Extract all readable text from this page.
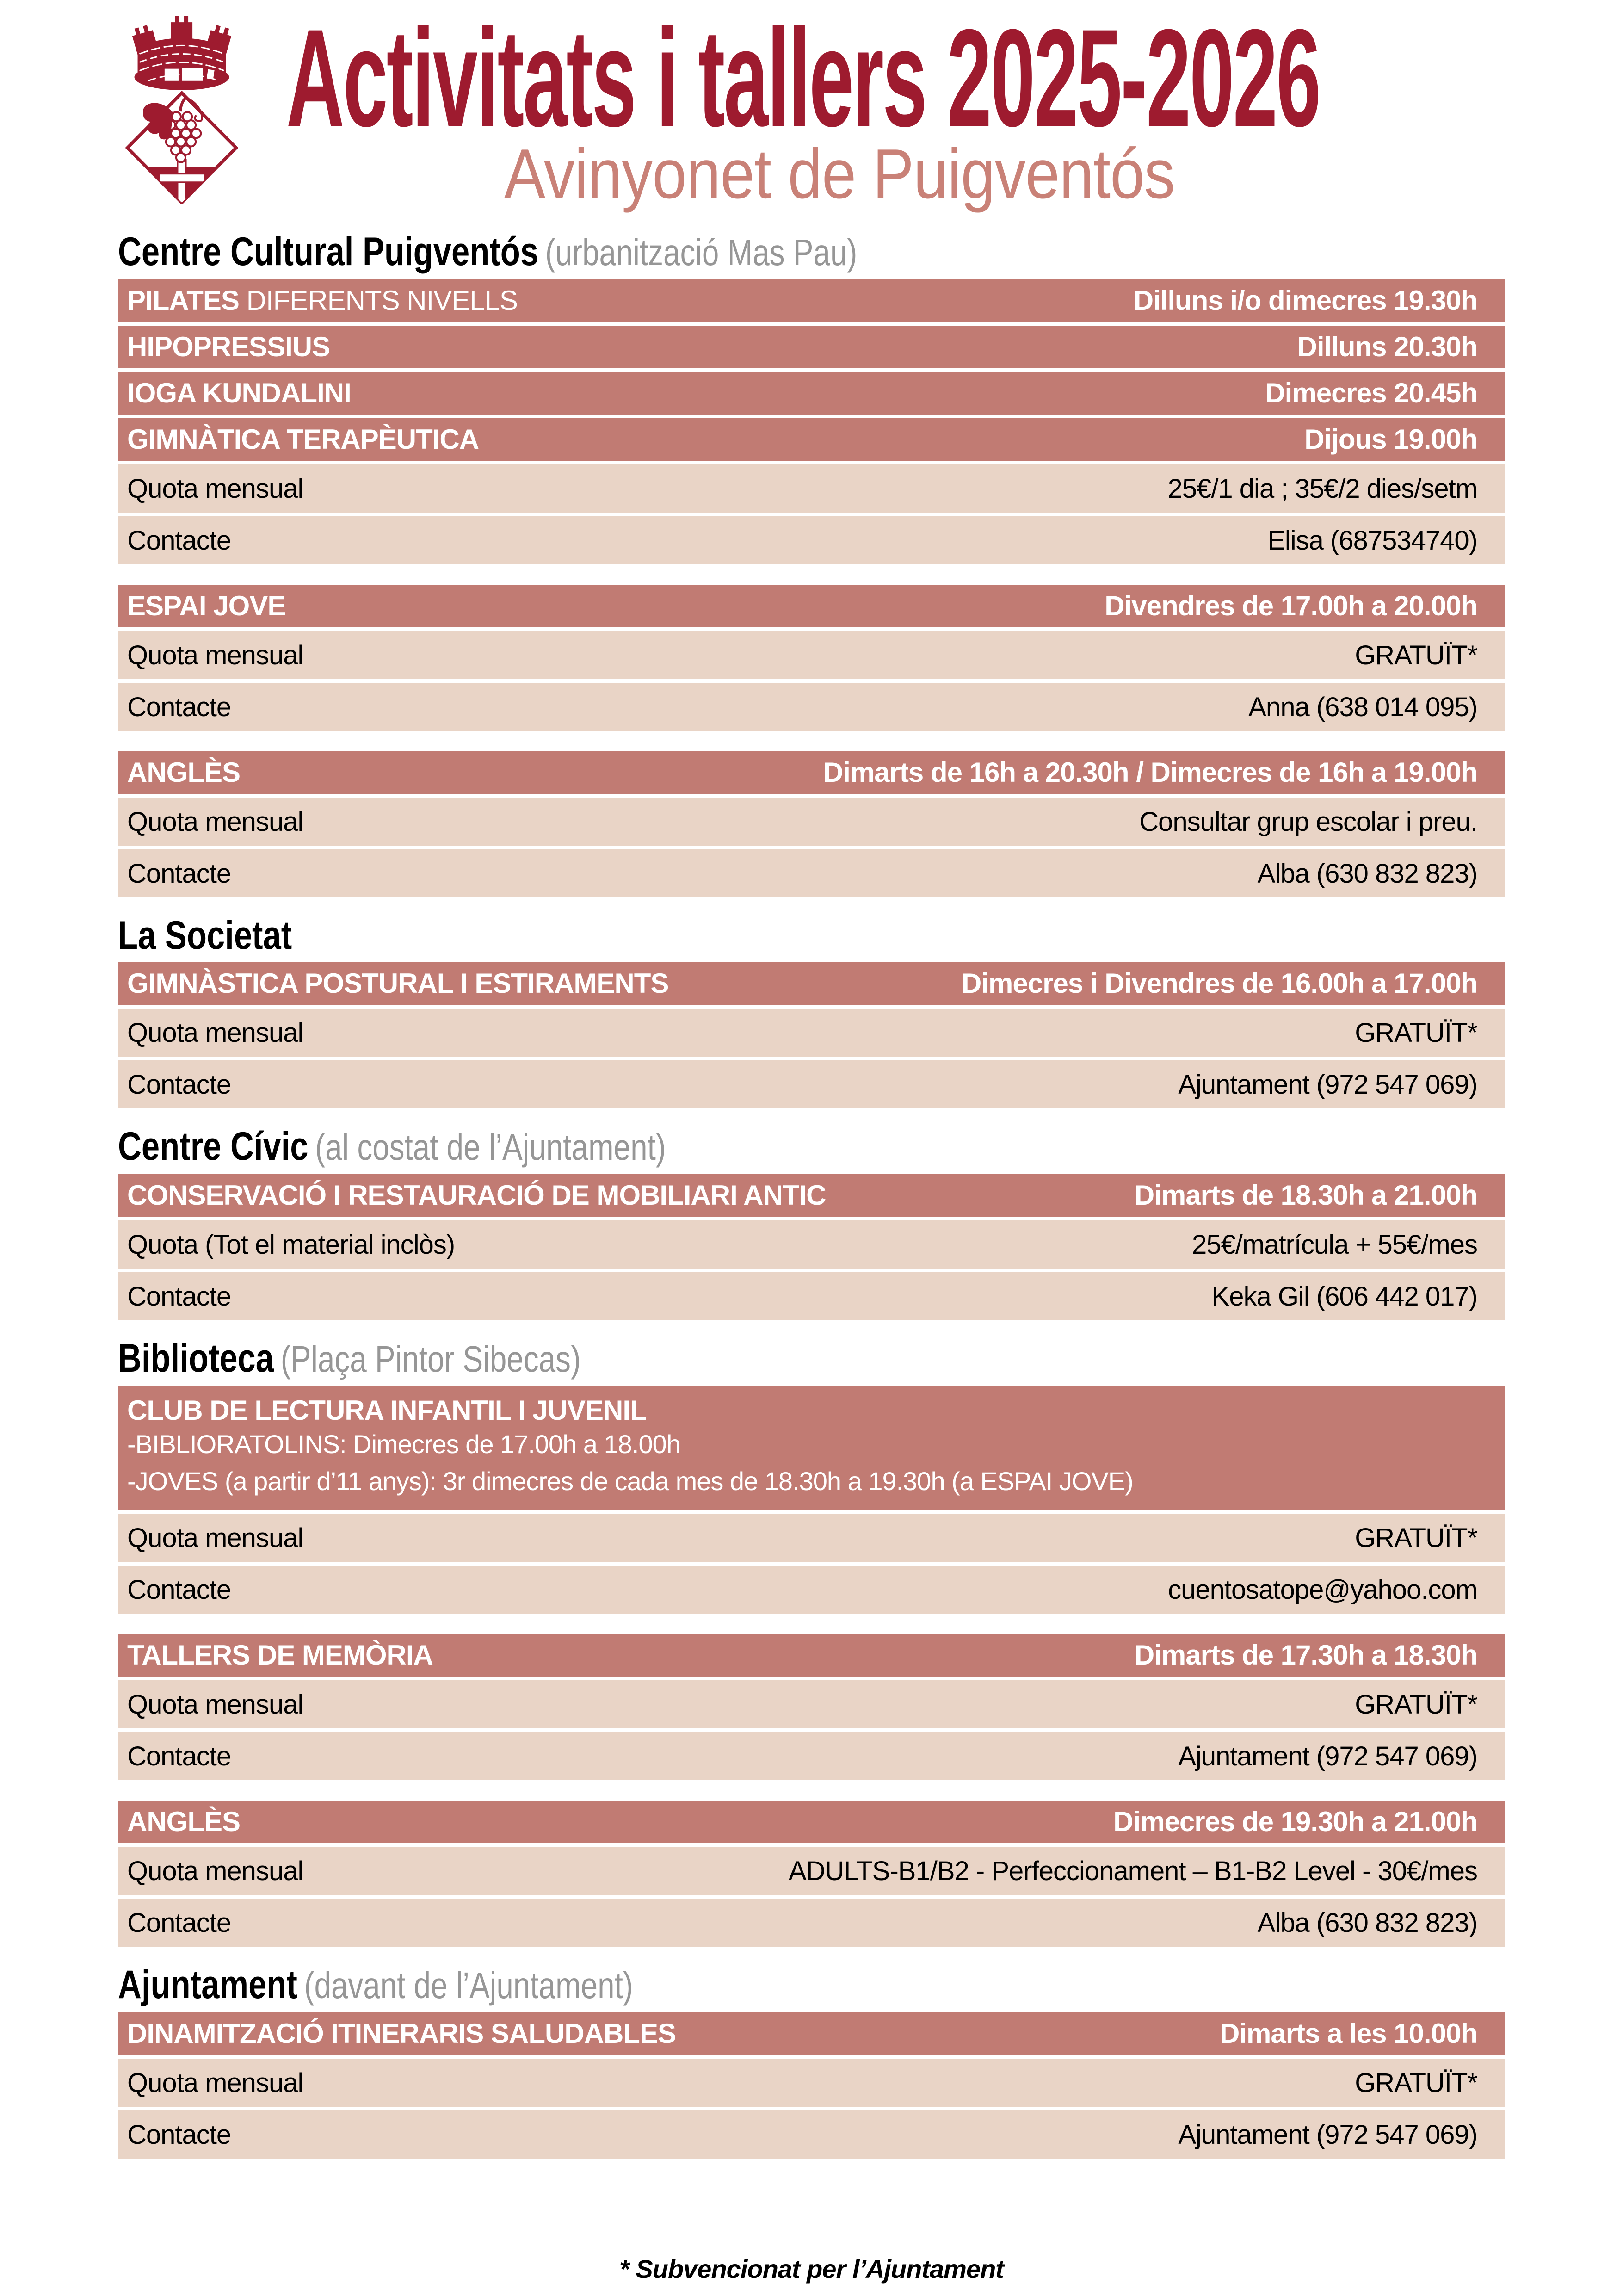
Activitats i tallers 2025-2026
Avinyonet de Puigventós
Centre Cultural Puigventós (urbanització Mas Pau)
PILATES DIFERENTS NIVELLS	Dilluns i/o dimecres 19.30h
HIPOPRESSIUS	Dilluns 20.30h
IOGA KUNDALINI	Dimecres 20.45h
GIMNÀTICA TERAPÈUTICA	Dijous 19.00h
Quota mensual	25€/1 dia ; 35€/2 dies/setm
Contacte	Elisa (687534740)
ESPAI JOVE	Divendres de 17.00h a 20.00h
Quota mensual	GRATUÏT*
Contacte	Anna (638 014 095)
ANGLÈS	Dimarts de 16h a 20.30h / Dimecres de 16h a 19.00h
Quota mensual	Consultar grup escolar i preu.
Contacte	Alba (630 832 823)
La Societat
GIMNÀSTICA POSTURAL I ESTIRAMENTS	Dimecres i Divendres de 16.00h a 17.00h
Quota mensual	GRATUÏT*
Contacte	Ajuntament (972 547 069)
Centre Cívic (al costat de l’Ajuntament)
CONSERVACIÓ I RESTAURACIÓ DE MOBILIARI ANTIC	Dimarts de 18.30h a 21.00h
Quota (Tot el material inclòs)	25€/matrícula + 55€/mes
Contacte	Keka Gil (606 442 017)
Biblioteca (Plaça Pintor Sibecas)
CLUB DE LECTURA INFANTIL I JUVENIL
-BIBLIORATOLINS: Dimecres de 17.00h a 18.00h
-JOVES (a partir d’11 anys): 3r dimecres de cada mes de 18.30h a 19.30h (a ESPAI JOVE)
Quota mensual	GRATUÏT*
Contacte	cuentosatope@yahoo.com
TALLERS DE MEMÒRIA	Dimarts de 17.30h a 18.30h
Quota mensual	GRATUÏT*
Contacte	Ajuntament (972 547 069)
ANGLÈS	Dimecres de 19.30h a 21.00h
Quota mensual	ADULTS-B1/B2 - Perfeccionament – B1-B2 Level - 30€/mes
Contacte	Alba (630 832 823)
Ajuntament (davant de l’Ajuntament)
DINAMITZACIÓ ITINERARIS SALUDABLES	Dimarts a les 10.00h
Quota mensual	GRATUÏT*
Contacte	Ajuntament (972 547 069)
* Subvencionat per l’Ajuntament
